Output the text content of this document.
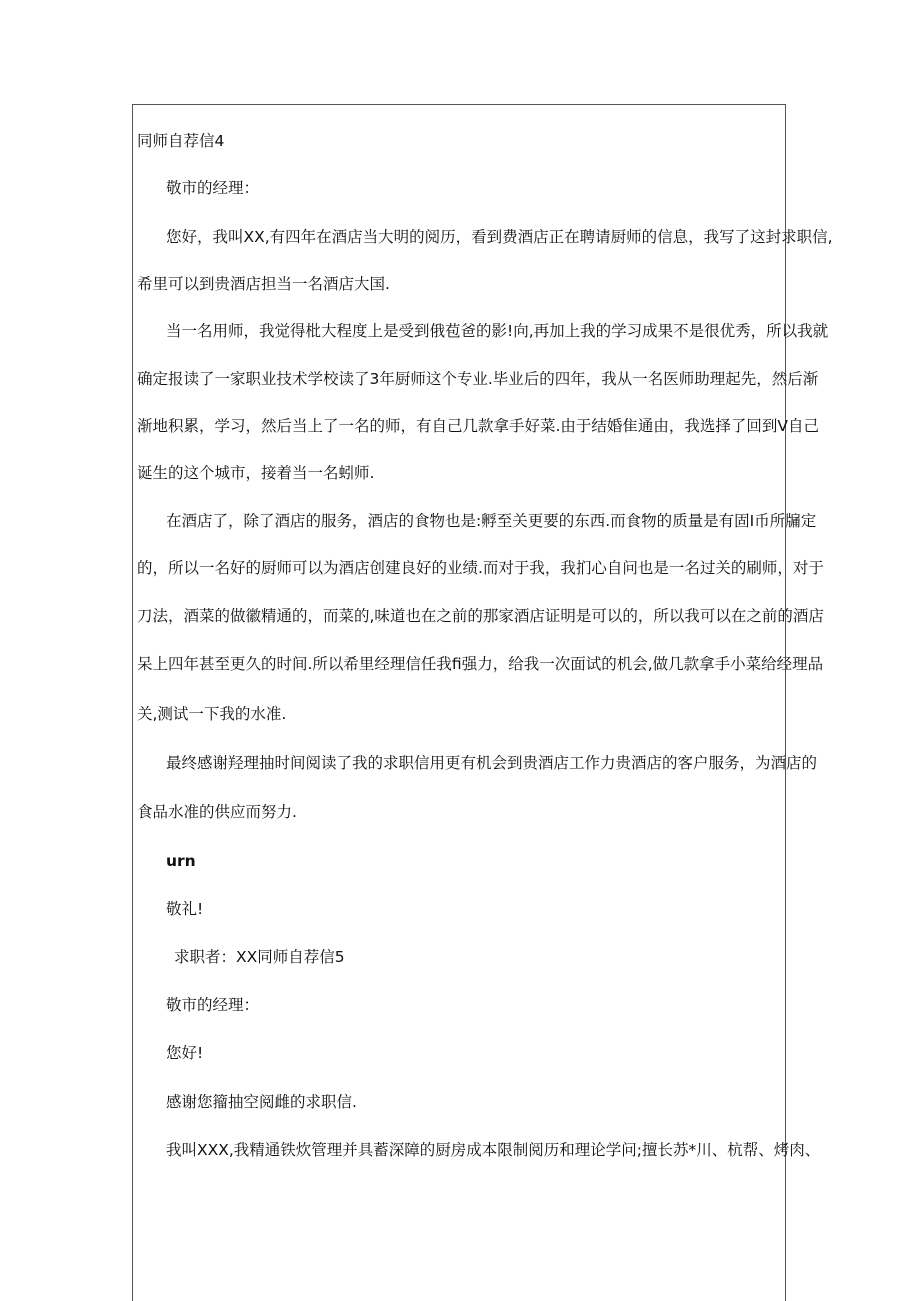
同师自荐信4
敬市的经理：
您好，我叫XX,有四年在酒店当大明的阅历，看到费酒店正在聘请厨师的信息，我写了这封求职信,
希里可以到贵酒店担当一名酒店大国.
当一名用师，我觉得枇大程度上是受到俄苞爸的影!向,再加上我的学习成果不是很优秀，所以我就
确定报读了一家职业技术学校读了3年厨师这个专业.毕业后的四年，我从一名医师助理起先，然后渐
渐地积累，学习，然后当上了一名的师，有自己几款拿手好菜.由于结婚隹通由，我选择了回到V自己
诞生的这个城市，接着当一名蚓师.
在酒店了，除了酒店的服务，酒店的食物也是:孵至关更要的东西.而食物的质量是有固I币所牖定
的，所以一名好的厨师可以为酒店创建良好的业绩.而对于我，我扪心自问也是一名过关的刷师，对于
刀法，酒菜的做徽精通的，而菜的,味道也在之前的那家酒店证明是可以的，所以我可以在之前的酒店
呆上四年甚至更久的时间.所以希里经理信任我fi强力，给我一次面试的机会,做几款拿手小菜给经理品
关,测试一下我的水准.
最终感谢羟理抽时间阅读了我的求职信用更有机会到贵酒店工作力贵酒店的客户服务，为酒店的
食品水准的供应而努力.
urn
敬礼!
求职者：XX同师自荐信5
敬市的经理：
您好!
感谢您籀抽空阅雌的求职信.
我叫XXX,我精通铁炊管理并具蓄深障的厨房成本限制阅历和理论学问;擅长苏*川、杭帮、烤肉、
